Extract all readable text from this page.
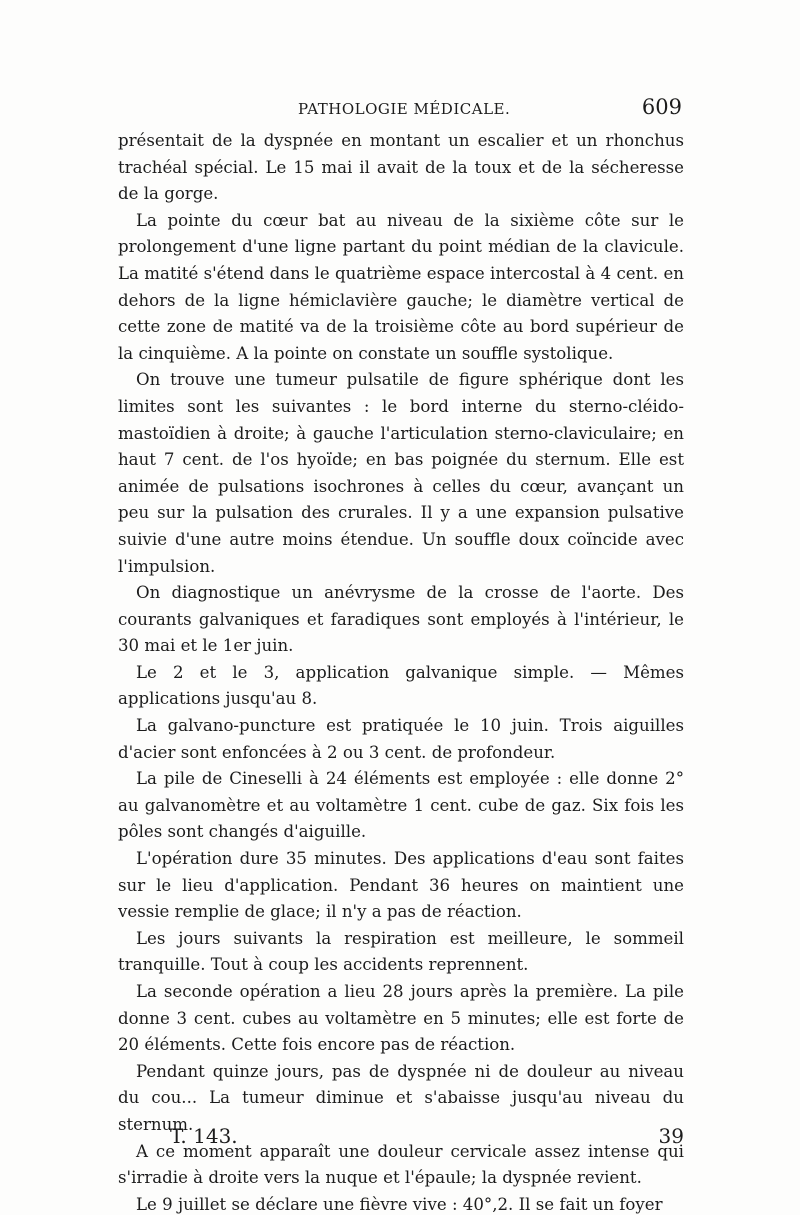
PATHOLOGIE MÉDICALE.	609

présentait de la dyspnée en montant un escalier et un rhonchus trachéal spécial. Le 15 mai il avait de la toux et de la sécheresse de la gorge.

La pointe du cœur bat au niveau de la sixième côte sur le prolongement d'une ligne partant du point médian de la clavicule. La matité s'étend dans le quatrième espace intercostal à 4 cent. en dehors de la ligne hémiclavière gauche; le diamètre vertical de cette zone de matité va de la troisième côte au bord supérieur de la cinquième. A la pointe on constate un souffle systolique.

On trouve une tumeur pulsatile de figure sphérique dont les limites sont les suivantes : le bord interne du sterno-cléido-mastoïdien à droite; à gauche l'articulation sterno-claviculaire; en haut 7 cent. de l'os hyoïde; en bas poignée du sternum. Elle est animée de pulsations isochrones à celles du cœur, avançant un peu sur la pulsation des crurales. Il y a une expansion pulsative suivie d'une autre moins étendue. Un souffle doux coïncide avec l'impulsion.

On diagnostique un anévrysme de la crosse de l'aorte. Des courants galvaniques et faradiques sont employés à l'intérieur, le 30 mai et le 1er juin.

Le 2 et le 3, application galvanique simple. — Mêmes applications jusqu'au 8.

La galvano-puncture est pratiquée le 10 juin. Trois aiguilles d'acier sont enfoncées à 2 ou 3 cent. de profondeur.

La pile de Cineselli à 24 éléments est employée : elle donne 2° au galvanomètre et au voltamètre 1 cent. cube de gaz. Six fois les pôles sont changés d'aiguille.

L'opération dure 35 minutes. Des applications d'eau sont faites sur le lieu d'application. Pendant 36 heures on maintient une vessie remplie de glace; il n'y a pas de réaction.

Les jours suivants la respiration est meilleure, le sommeil tranquille. Tout à coup les accidents reprennent.

La seconde opération a lieu 28 jours après la première. La pile donne 3 cent. cubes au voltamètre en 5 minutes; elle est forte de 20 éléments. Cette fois encore pas de réaction.

Pendant quinze jours, pas de dyspnée ni de douleur au niveau du cou... La tumeur diminue et s'abaisse jusqu'au niveau du sternum.

A ce moment apparaît une douleur cervicale assez intense qui s'irradie à droite vers la nuque et l'épaule; la dyspnée revient.

Le 9 juillet se déclare une fièvre vive : 40°,2. Il se fait un foyer

T. 143.	39
